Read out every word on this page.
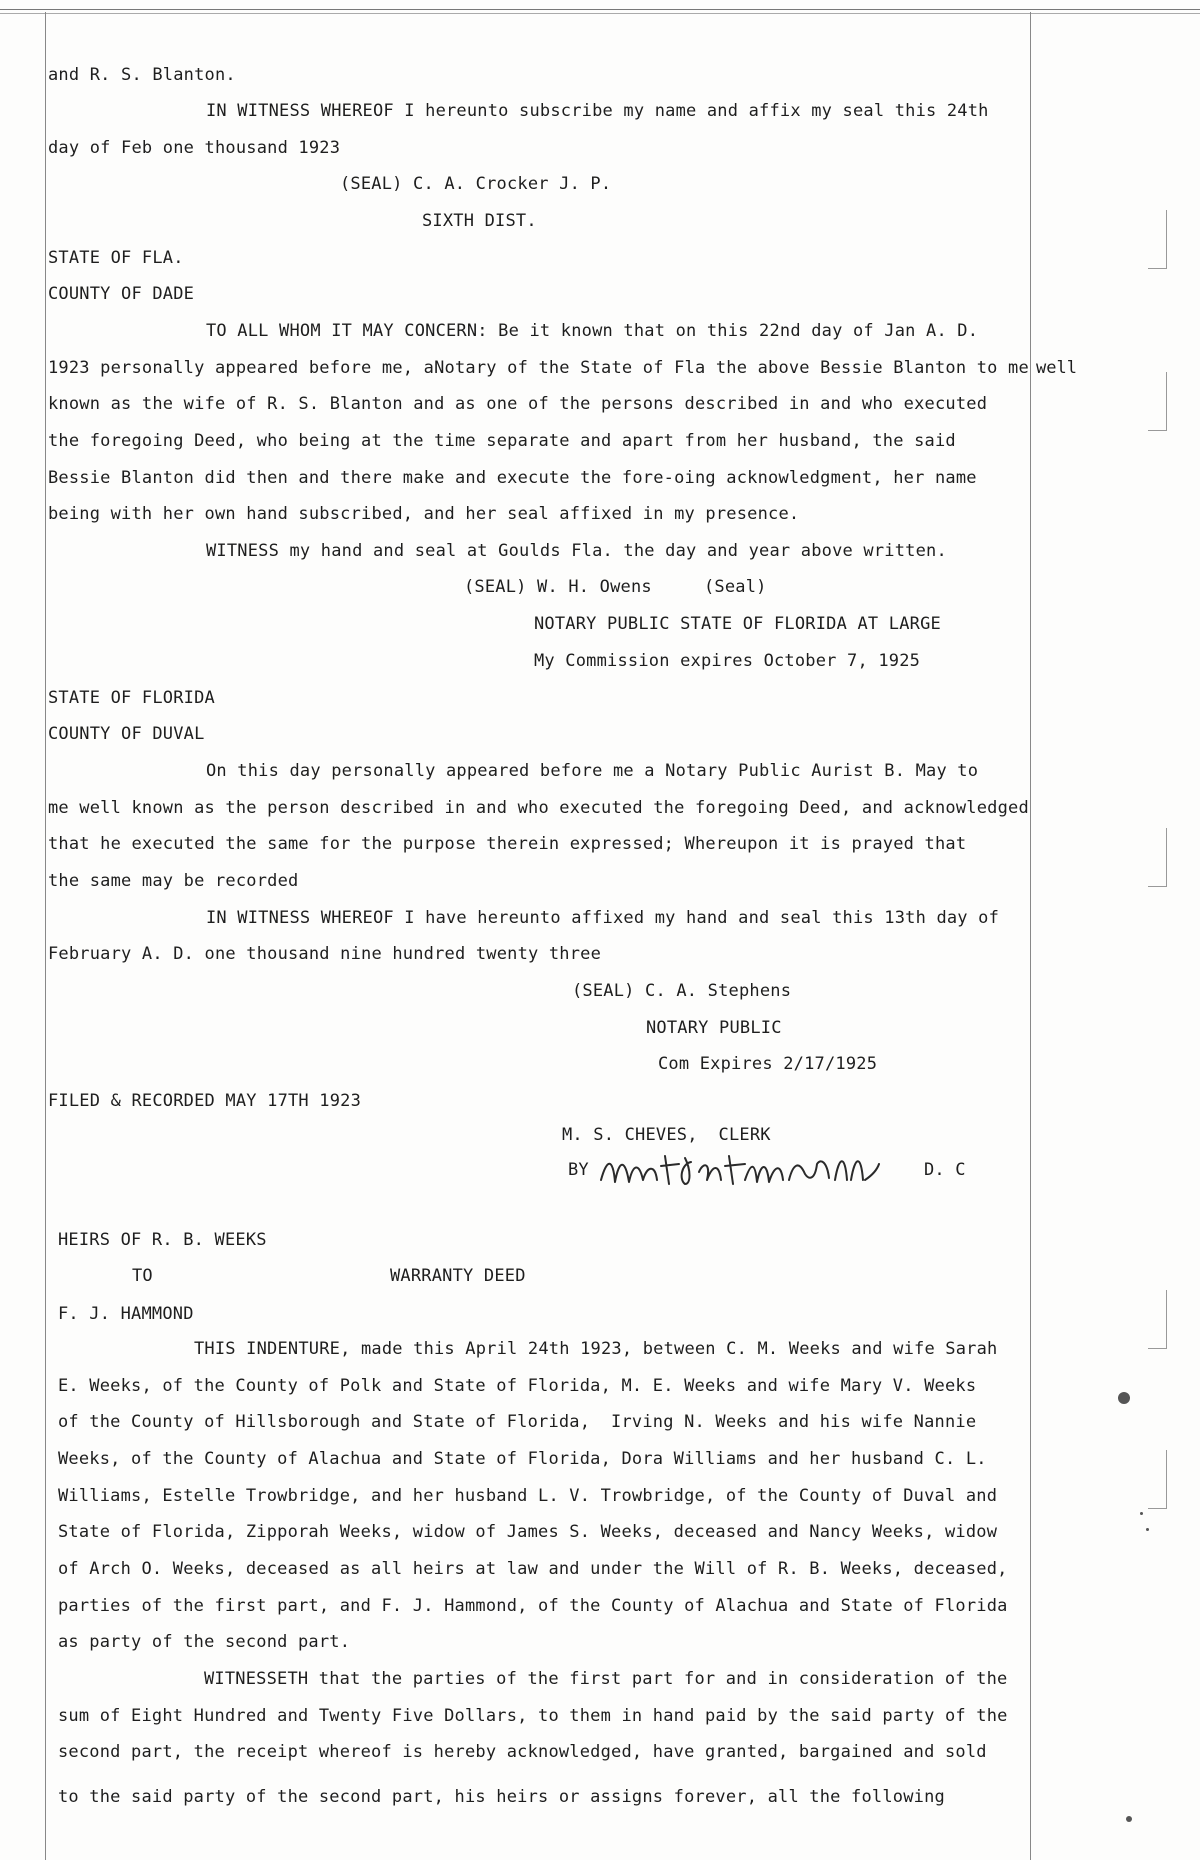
and R. S. Blanton.
IN WITNESS WHEREOF I hereunto subscribe my name and affix my seal this 24th
day of Feb one thousand 1923
(SEAL) C. A. Crocker J. P.
SIXTH DIST.
STATE OF FLA.
COUNTY OF DADE
TO ALL WHOM IT MAY CONCERN: Be it known that on this 22nd day of Jan A. D.
1923 personally appeared before me, aNotary of the State of Fla the above Bessie Blanton to me well
known as the wife of R. S. Blanton and as one of the persons described in and who executed
the foregoing Deed, who being at the time separate and apart from her husband, the said
Bessie Blanton did then and there make and execute the fore-oing acknowledgment, her name
being with her own hand subscribed, and her seal affixed in my presence.
WITNESS my hand and seal at Goulds Fla. the day and year above written.
(SEAL) W. H. Owens     (Seal)
NOTARY PUBLIC STATE OF FLORIDA AT LARGE
My Commission expires October 7, 1925
STATE OF FLORIDA
COUNTY OF DUVAL
On this day personally appeared before me a Notary Public Aurist B. May to
me well known as the person described in and who executed the foregoing Deed, and acknowledged
that he executed the same for the purpose therein expressed; Whereupon it is prayed that
the same may be recorded
IN WITNESS WHEREOF I have hereunto affixed my hand and seal this 13th day of
February A. D. one thousand nine hundred twenty three
(SEAL) C. A. Stephens
NOTARY PUBLIC
Com Expires 2/17/1925
FILED & RECORDED MAY 17TH 1923
M. S. CHEVES,  CLERK
BY	D. C
HEIRS OF R. B. WEEKS
TO	WARRANTY DEED
F. J. HAMMOND
THIS INDENTURE, made this April 24th 1923, between C. M. Weeks and wife Sarah
E. Weeks, of the County of Polk and State of Florida, M. E. Weeks and wife Mary V. Weeks
of the County of Hillsborough and State of Florida,  Irving N. Weeks and his wife Nannie
Weeks, of the County of Alachua and State of Florida, Dora Williams and her husband C. L.
Williams, Estelle Trowbridge, and her husband L. V. Trowbridge, of the County of Duval and
State of Florida, Zipporah Weeks, widow of James S. Weeks, deceased and Nancy Weeks, widow
of Arch O. Weeks, deceased as all heirs at law and under the Will of R. B. Weeks, deceased,
parties of the first part, and F. J. Hammond, of the County of Alachua and State of Florida
as party of the second part.
WITNESSETH that the parties of the first part for and in consideration of the
sum of Eight Hundred and Twenty Five Dollars, to them in hand paid by the said party of the
second part, the receipt whereof is hereby acknowledged, have granted, bargained and sold
to the said party of the second part, his heirs or assigns forever, all the following
